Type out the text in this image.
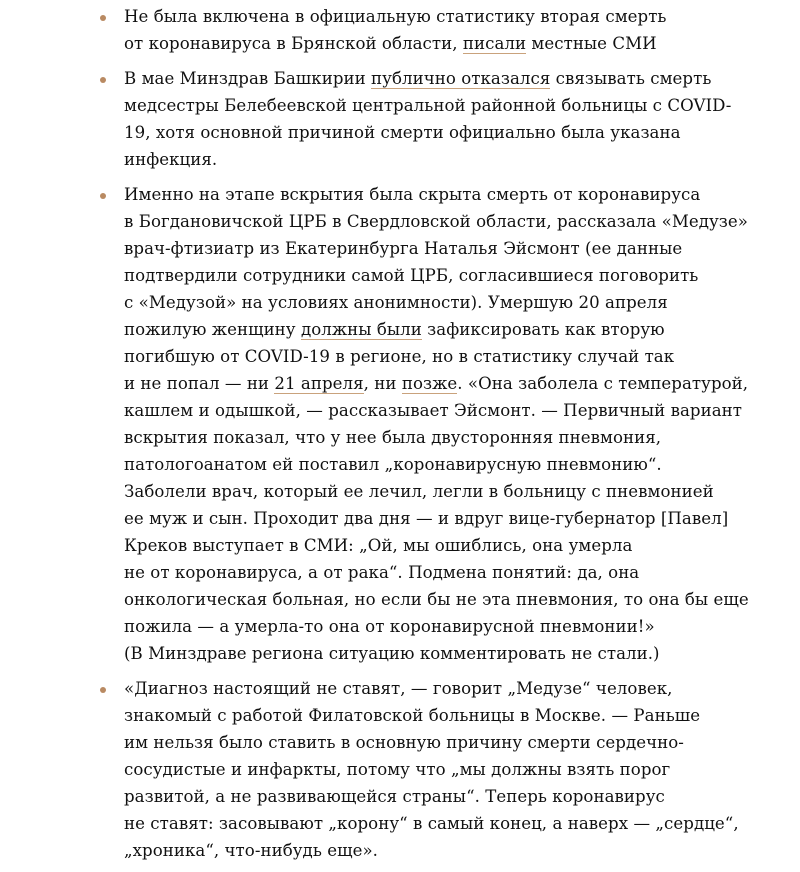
Не была включена в официальную статистику вторая смерть
от коронавируса в Брянской области, писали местные СМИ
В мае Минздрав Башкирии публично отказался связывать смерть
медсестры Белебеевской центральной районной больницы с COVID-
19, хотя основной причиной смерти официально была указана
инфекция.
Именно на этапе вскрытия была скрыта смерть от коронавируса
в Богдановичской ЦРБ в Свердловской области, рассказала «Медузе»
врач-фтизиатр из Екатеринбурга Наталья Эйсмонт (ее данные
подтвердили сотрудники самой ЦРБ, согласившиеся поговорить
с «Медузой» на условиях анонимности). Умершую 20 апреля
пожилую женщину должны были зафиксировать как вторую
погибшую от COVID-19 в регионе, но в статистику случай так
и не попал — ни 21 апреля, ни позже. «Она заболела с температурой,
кашлем и одышкой, — рассказывает Эйсмонт. — Первичный вариант
вскрытия показал, что у нее была двусторонняя пневмония,
патологоанатом ей поставил „коронавирусную пневмонию“.
Заболели врач, который ее лечил, легли в больницу с пневмонией
ее муж и сын. Проходит два дня — и вдруг вице-губернатор [Павел]
Креков выступает в СМИ: „Ой, мы ошиблись, она умерла
не от коронавируса, а от рака“. Подмена понятий: да, она
онкологическая больная, но если бы не эта пневмония, то она бы еще
пожила — а умерла-то она от коронавирусной пневмонии!»
(В Минздраве региона ситуацию комментировать не стали.)
«Диагноз настоящий не ставят, — говорит „Медузе“ человек,
знакомый с работой Филатовской больницы в Москве. — Раньше
им нельзя было ставить в основную причину смерти сердечно-
сосудистые и инфаркты, потому что „мы должны взять порог
развитой, а не развивающейся страны“. Теперь коронавирус
не ставят: засовывают „корону“ в самый конец, а наверх — „сердце“,
„хроника“, что-нибудь еще».
